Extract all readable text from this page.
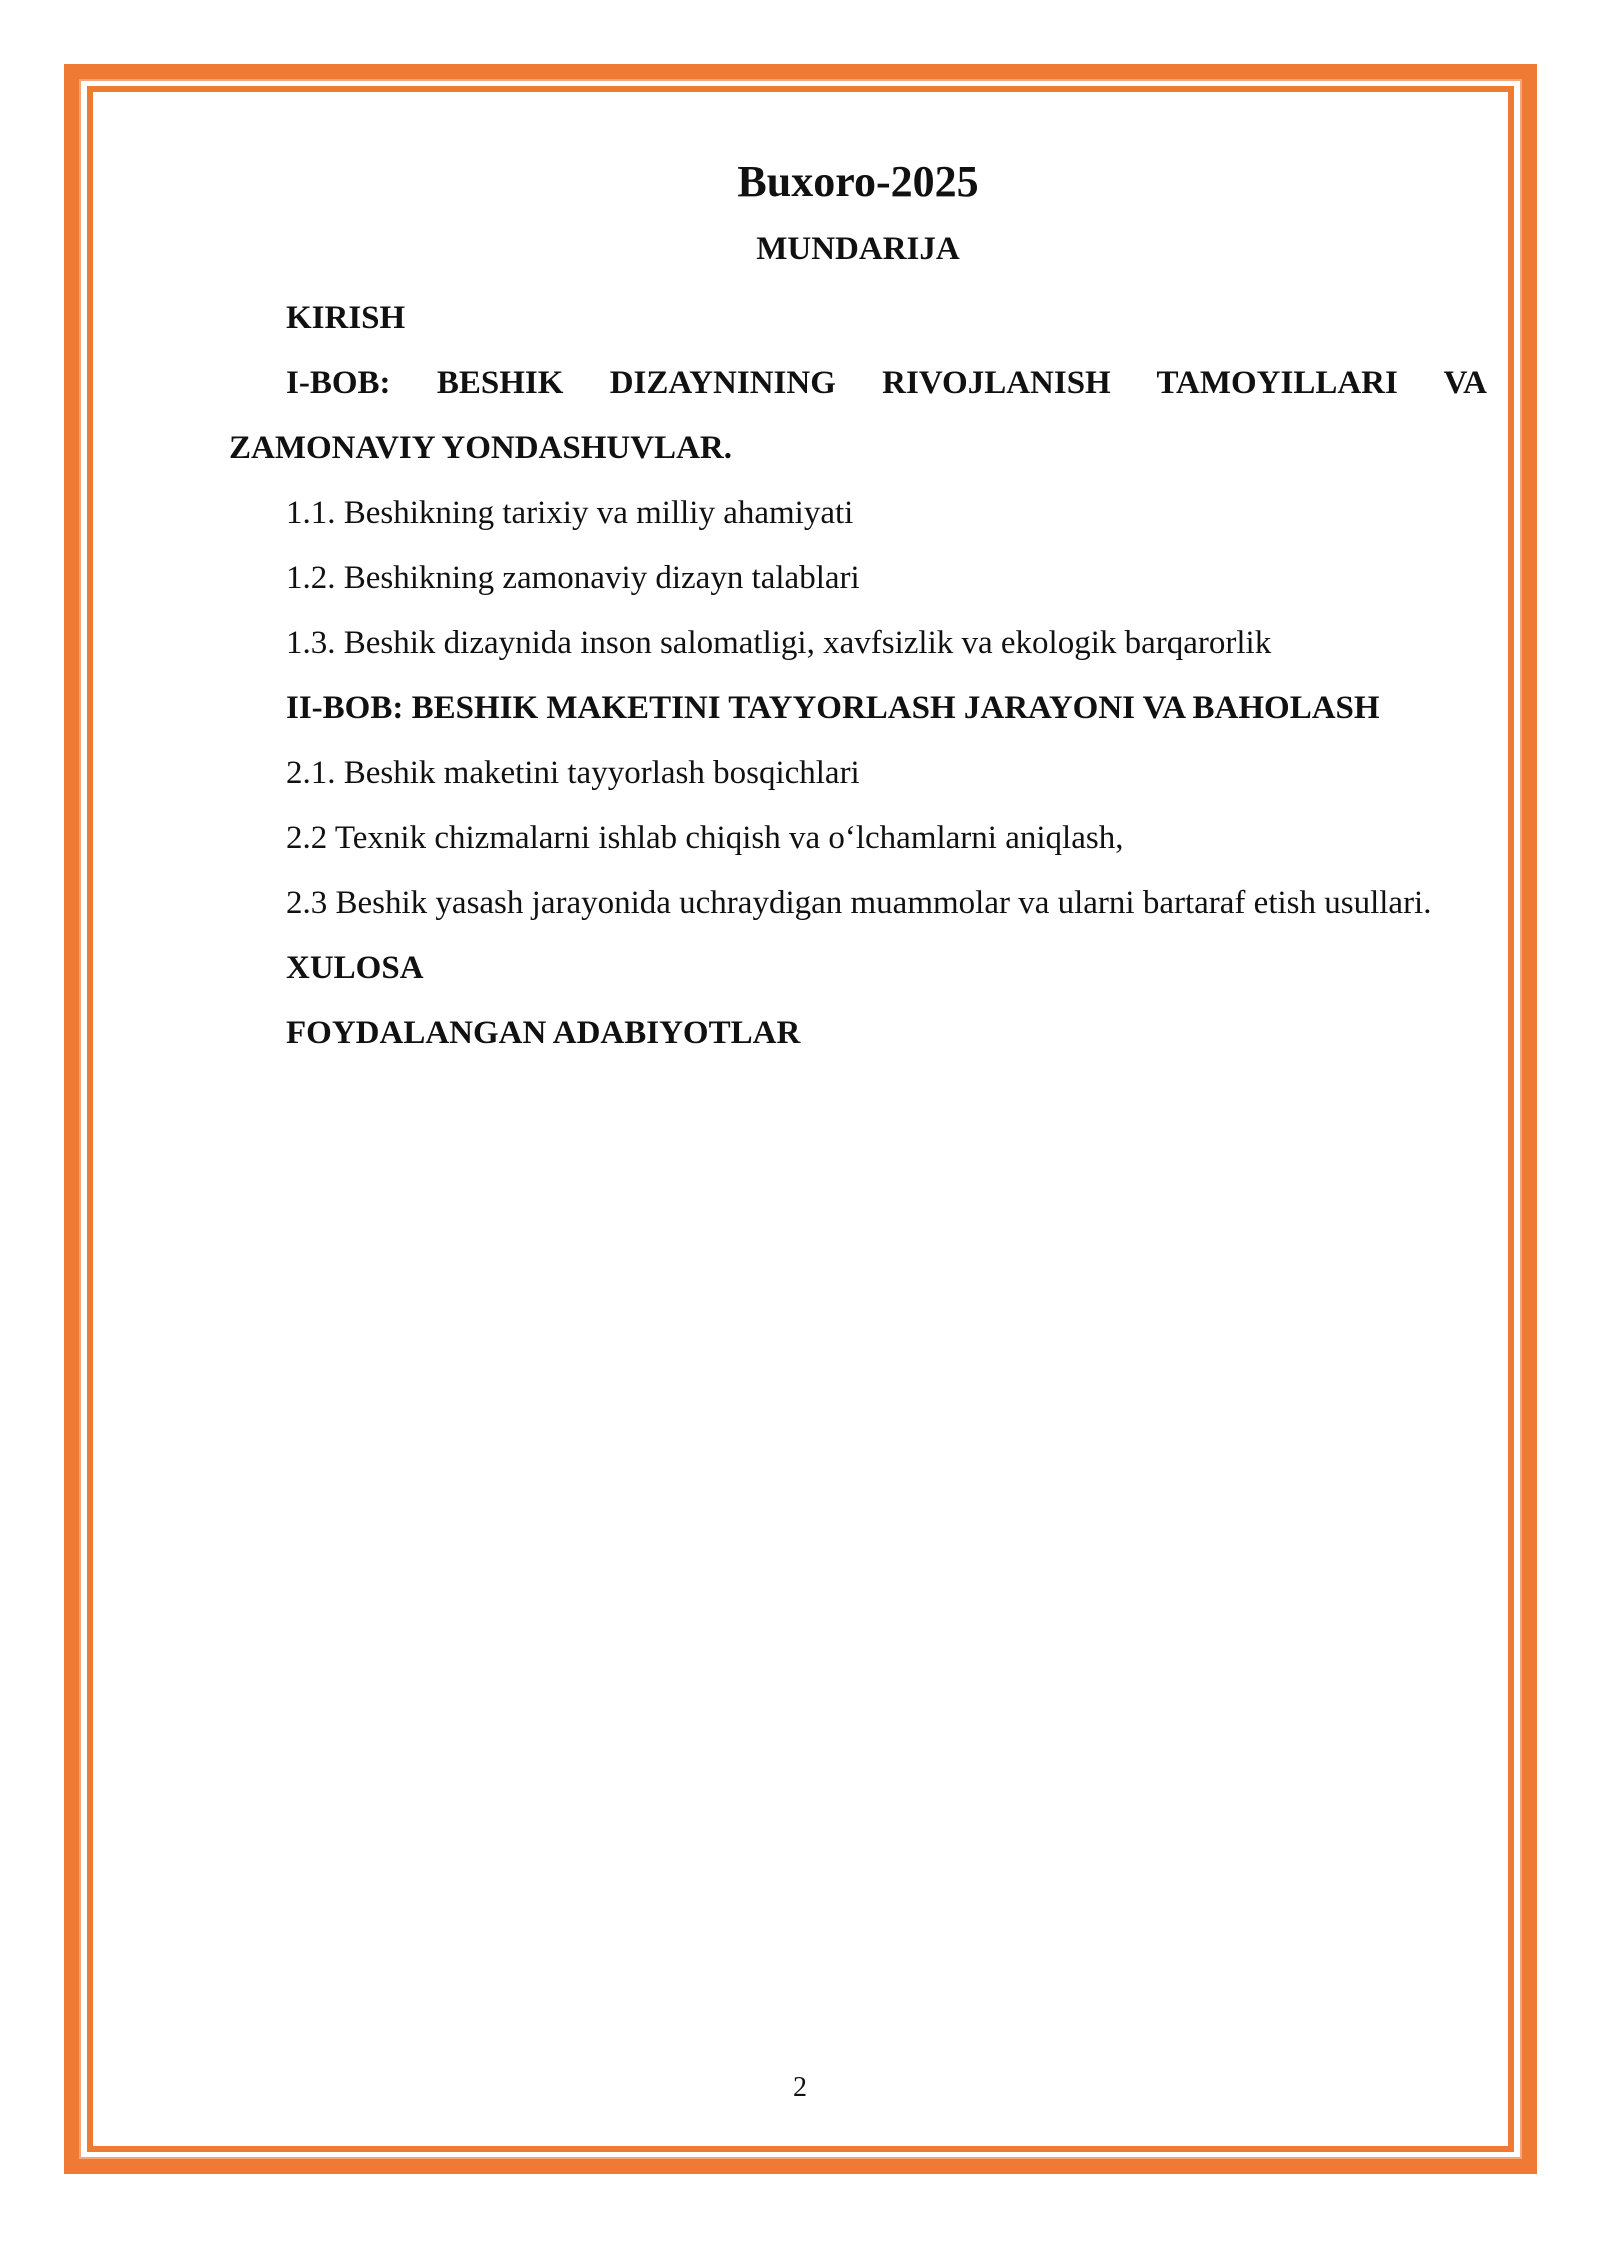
Buxoro-2025
MUNDARIJA

KIRISH

I-BOB: BESHIK DIZAYNINING RIVOJLANISH TAMOYILLARI VA ZAMONAVIY YONDASHUVLAR.

1.1. Beshikning tarixiy va milliy ahamiyati

1.2. Beshikning zamonaviy dizayn talablari

1.3. Beshik dizaynida inson salomatligi, xavfsizlik va ekologik barqarorlik

II-BOB: BESHIK MAKETINI TAYYORLASH JARAYONI VA BAHOLASH

2.1. Beshik maketini tayyorlash bosqichlari

2.2 Texnik chizmalarni ishlab chiqish va o‘lchamlarni aniqlash,

2.3 Beshik yasash jarayonida uchraydigan muammolar va ularni bartaraf etish usullari.

XULOSA

FOYDALANGAN ADABIYOTLAR

2
